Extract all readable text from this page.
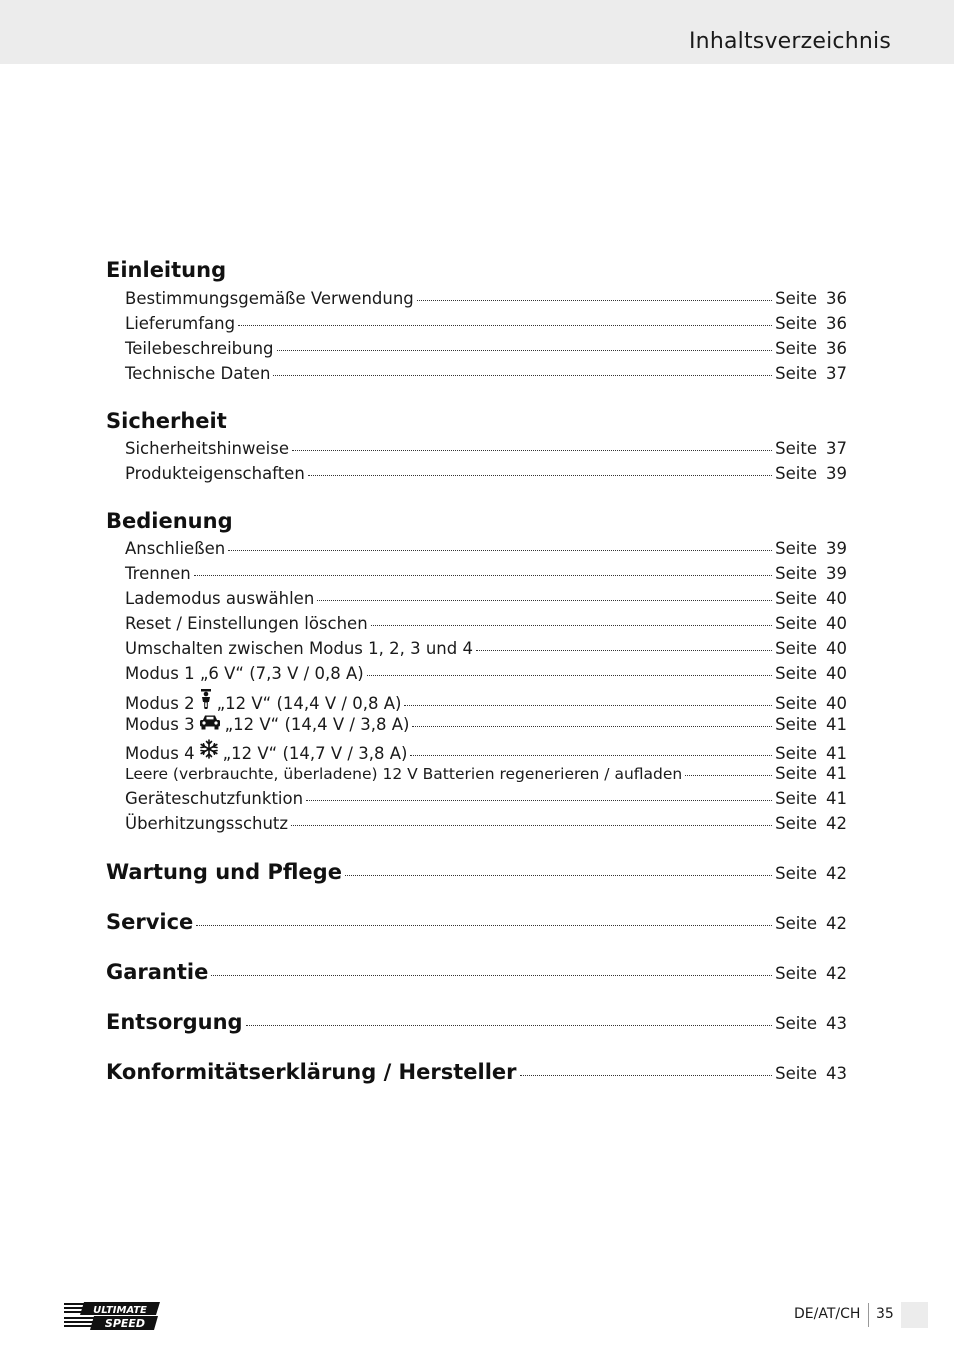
Inhaltsverzeichnis
Einleitung
Bestimmungsgemäße Verwendung	Seite 36
Lieferumfang	Seite 36
Teilebeschreibung	Seite 36
Technische Daten	Seite 37
Sicherheit
Sicherheitshinweise	Seite 37
Produkteigenschaften	Seite 39
Bedienung
Anschließen	Seite 39
Trennen	Seite 39
Lademodus auswählen	Seite 40
Reset / Einstellungen löschen	Seite 40
Umschalten zwischen Modus 1, 2, 3 und 4	Seite 40
Modus 1 „6 V“ (7,3 V / 0,8 A)	Seite 40
Modus 2 „12 V“ (14,4 V / 0,8 A)	Seite 40
Modus 3 „12 V“ (14,4 V / 3,8 A)	Seite 41
Modus 4 „12 V“ (14,7 V / 3,8 A)	Seite 41
Leere (verbrauchte, überladene) 12 V Batterien regenerieren / aufladen	Seite 41
Geräteschutzfunktion	Seite 41
Überhitzungsschutz	Seite 42
Wartung und Pflege	Seite 42
Service	Seite 42
Garantie	Seite 42
Entsorgung	Seite 43
Konformitätserklärung / Hersteller	Seite 43
ULTIMATE
SPEED
DE/AT/CH 35
